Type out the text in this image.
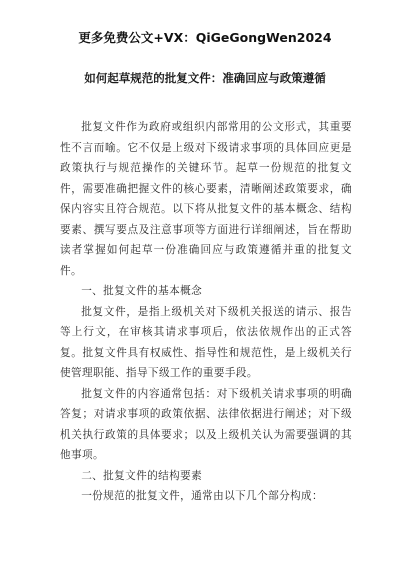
更多免费公文+VX：QiGeGongWen2024
如何起草规范的批复文件：准确回应与政策遵循

批复文件作为政府或组织内部常用的公文形式，其重要性不言而喻。它不仅是上级对下级请求事项的具体回应更是政策执行与规范操作的关键环节。起草一份规范的批复文件，需要准确把握文件的核心要素，清晰阐述政策要求，确保内容实且符合规范。以下将从批复文件的基本概念、结构要素、撰写要点及注意事项等方面进行详细阐述，旨在帮助读者掌握如何起草一份准确回应与政策遵循并重的批复文件。

一、批复文件的基本概念

批复文件，是指上级机关对下级机关报送的请示、报告等上行文，在审核其请求事项后，依法依规作出的正式答复。批复文件具有权威性、指导性和规范性，是上级机关行使管理职能、指导下级工作的重要手段。

批复文件的内容通常包括：对下级机关请求事项的明确答复；对请求事项的政策依据、法律依据进行阐述；对下级机关执行政策的具体要求；以及上级机关认为需要强调的其他事项。

二、批复文件的结构要素

一份规范的批复文件，通常由以下几个部分构成：
